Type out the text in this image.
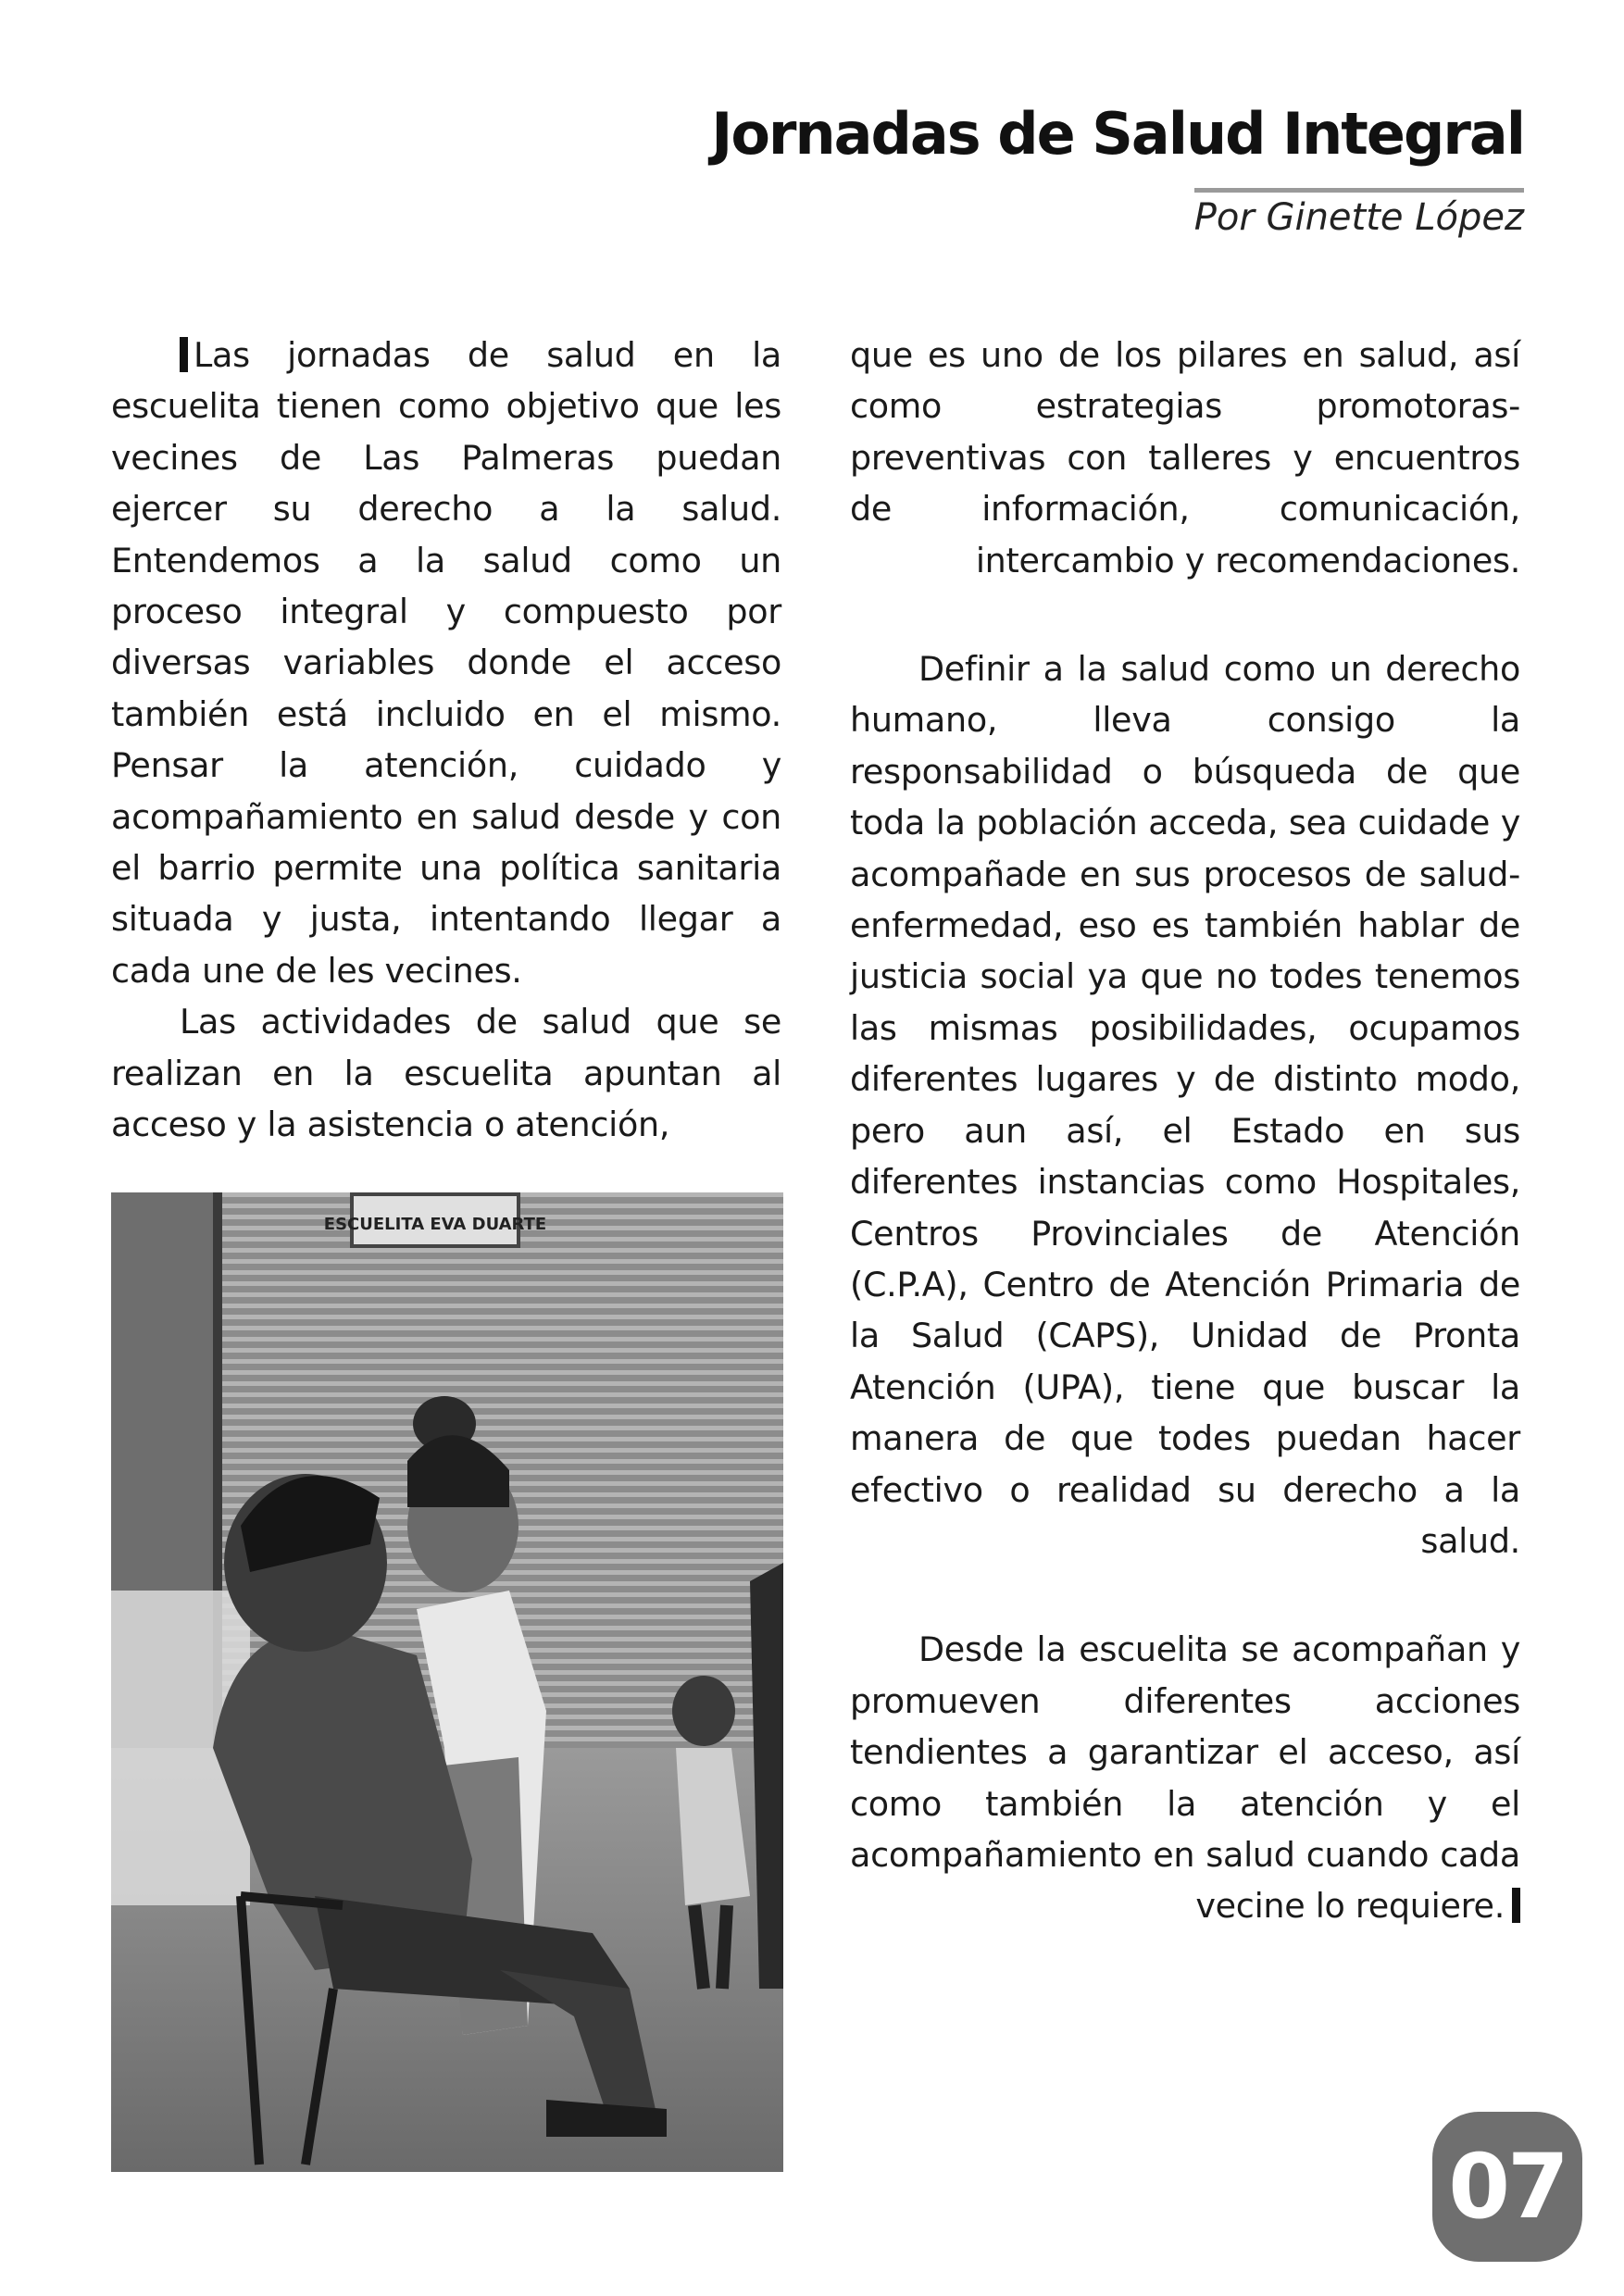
Jornadas de Salud Integral
Por Ginette López

Las jornadas de salud en la escuelita tienen como objetivo que les vecines de Las Palmeras puedan ejercer su derecho a la salud. Entendemos a la salud como un proceso integral y compuesto por diversas variables donde el acceso también está incluido en el mismo. Pensar la atención, cuidado y acompañamiento en salud desde y con el barrio permite una política sanitaria situada y justa, intentando llegar a cada une de les vecines.

Las actividades de salud que se realizan en la escuelita apuntan al acceso y la asistencia o atención,

ESCUELITA EVA DUARTE

que es uno de los pilares en salud, así como estrategias promotoras-preventivas con talleres y encuentros de información, comunicación, intercambio y recomendaciones.

Definir a la salud como un derecho humano, lleva consigo la responsabilidad o búsqueda de que toda la población acceda, sea cuidade y acompañade en sus procesos de salud-enfermedad, eso es también hablar de justicia social ya que no todes tenemos las mismas posibilidades, ocupamos diferentes lugares y de distinto modo, pero aun así, el Estado en sus diferentes instancias como Hospitales, Centros Provinciales de Atención (C.P.A), Centro de Atención Primaria de la Salud (CAPS), Unidad de Pronta Atención (UPA), tiene que buscar la manera de que todes puedan hacer efectivo o realidad su derecho a la salud.

Desde la escuelita se acompañan y promueven diferentes acciones tendientes a garantizar el acceso, así como también la atención y el acompañamiento en salud cuando cada vecine lo requiere.

07
